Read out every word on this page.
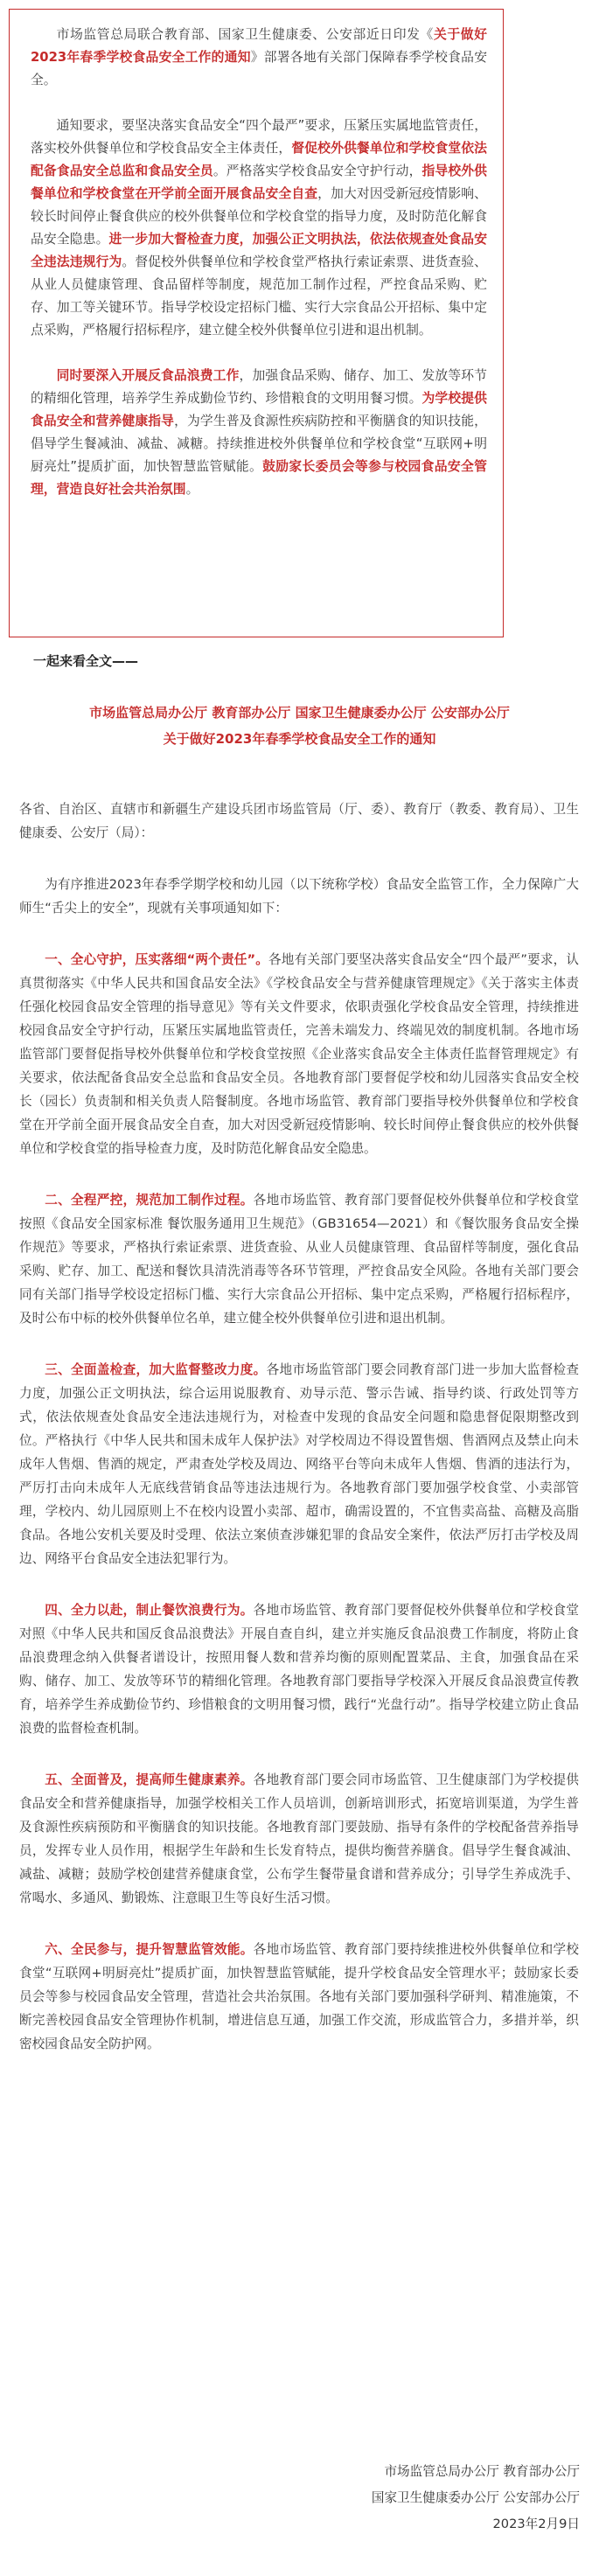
市场监管总局联合教育部、国家卫生健康委、公安部近日印发《关于做好2023年春季学校食品安全工作的通知》部署各地有关部门保障春季学校食品安全。

通知要求，要坚决落实食品安全“四个最严”要求，压紧压实属地监管责任，落实校外供餐单位和学校食品安全主体责任，督促校外供餐单位和学校食堂依法配备食品安全总监和食品安全员。严格落实学校食品安全守护行动，指导校外供餐单位和学校食堂在开学前全面开展食品安全自查，加大对因受新冠疫情影响、较长时间停止餐食供应的校外供餐单位和学校食堂的指导力度，及时防范化解食品安全隐患。进一步加大督检查力度，加强公正文明执法，依法依规查处食品安全违法违规行为。督促校外供餐单位和学校食堂严格执行索证索票、进货查验、从业人员健康管理、食品留样等制度，规范加工制作过程，严控食品采购、贮存、加工等关键环节。指导学校设定招标门槛、实行大宗食品公开招标、集中定点采购，严格履行招标程序，建立健全校外供餐单位引进和退出机制。

同时要深入开展反食品浪费工作，加强食品采购、储存、加工、发放等环节的精细化管理，培养学生养成勤俭节约、珍惜粮食的文明用餐习惯。为学校提供食品安全和营养健康指导，为学生普及食源性疾病防控和平衡膳食的知识技能，倡导学生餐减油、减盐、减糖。持续推进校外供餐单位和学校食堂“互联网+明厨亮灶”提质扩面，加快智慧监管赋能。鼓励家长委员会等参与校园食品安全管理，营造良好社会共治氛围。

一起来看全文——
市场监管总局办公厅 教育部办公厅 国家卫生健康委办公厅 公安部办公厅
关于做好2023年春季学校食品安全工作的通知

各省、自治区、直辖市和新疆生产建设兵团市场监管局（厅、委）、教育厅（教委、教育局）、卫生健康委、公安厅（局）：

为有序推进2023年春季学期学校和幼儿园（以下统称学校）食品安全监管工作，全力保障广大师生“舌尖上的安全”，现就有关事项通知如下：

一、全心守护，压实落细“两个责任”。各地有关部门要坚决落实食品安全“四个最严”要求，认真贯彻落实《中华人民共和国食品安全法》《学校食品安全与营养健康管理规定》《关于落实主体责任强化校园食品安全管理的指导意见》等有关文件要求，依职责强化学校食品安全管理，持续推进校园食品安全守护行动，压紧压实属地监管责任，完善未端发力、终端见效的制度机制。各地市场监管部门要督促指导校外供餐单位和学校食堂按照《企业落实食品安全主体责任监督管理规定》有关要求，依法配备食品安全总监和食品安全员。各地教育部门要督促学校和幼儿园落实食品安全校长（园长）负责制和相关负责人陪餐制度。各地市场监管、教育部门要指导校外供餐单位和学校食堂在开学前全面开展食品安全自查，加大对因受新冠疫情影响、较长时间停止餐食供应的校外供餐单位和学校食堂的指导检查力度，及时防范化解食品安全隐患。

二、全程严控，规范加工制作过程。各地市场监管、教育部门要督促校外供餐单位和学校食堂按照《食品安全国家标准 餐饮服务通用卫生规范》（GB31654—2021）和《餐饮服务食品安全操作规范》等要求，严格执行索证索票、进货查验、从业人员健康管理、食品留样等制度，强化食品采购、贮存、加工、配送和餐饮具清洗消毒等各环节管理，严控食品安全风险。各地有关部门要会同有关部门指导学校设定招标门槛、实行大宗食品公开招标、集中定点采购，严格履行招标程序，及时公布中标的校外供餐单位名单，建立健全校外供餐单位引进和退出机制。

三、全面盖检查，加大监督整改力度。各地市场监管部门要会同教育部门进一步加大监督检查力度，加强公正文明执法，综合运用说服教育、劝导示范、警示告诫、指导约谈、行政处罚等方式，依法依规查处食品安全违法违规行为，对检查中发现的食品安全问题和隐患督促限期整改到位。严格执行《中华人民共和国未成年人保护法》对学校周边不得设置售烟、售酒网点及禁止向未成年人售烟、售酒的规定，严肃查处学校及周边、网络平台等向未成年人售烟、售酒的违法行为，严厉打击向未成年人无底线营销食品等违法违规行为。各地教育部门要加强学校食堂、小卖部管理，学校内、幼儿园原则上不在校内设置小卖部、超市，确需设置的，不宜售卖高盐、高糖及高脂食品。各地公安机关要及时受理、依法立案侦查涉嫌犯罪的食品安全案件，依法严厉打击学校及周边、网络平台食品安全违法犯罪行为。

四、全力以赴，制止餐饮浪费行为。各地市场监管、教育部门要督促校外供餐单位和学校食堂对照《中华人民共和国反食品浪费法》开展自查自纠，建立并实施反食品浪费工作制度，将防止食品浪费理念纳入供餐者谱设计，按照用餐人数和营养均衡的原则配置菜品、主食，加强食品在采购、储存、加工、发放等环节的精细化管理。各地教育部门要指导学校深入开展反食品浪费宣传教育，培养学生养成勤俭节约、珍惜粮食的文明用餐习惯，践行“光盘行动”。指导学校建立防止食品浪费的监督检查机制。

五、全面普及，提高师生健康素养。各地教育部门要会同市场监管、卫生健康部门为学校提供食品安全和营养健康指导，加强学校相关工作人员培训，创新培训形式，拓宽培训渠道，为学生普及食源性疾病预防和平衡膳食的知识技能。各地教育部门要鼓励、指导有条件的学校配备营养指导员，发挥专业人员作用，根据学生年龄和生长发育特点，提供均衡营养膳食。倡导学生餐食减油、减盐、减糖；鼓励学校创建营养健康食堂，公布学生餐带量食谱和营养成分；引导学生养成洗手、常喝水、多通风、勤锻炼、注意眼卫生等良好生活习惯。

六、全民参与，提升智慧监管效能。各地市场监管、教育部门要持续推进校外供餐单位和学校食堂“互联网+明厨亮灶”提质扩面，加快智慧监管赋能，提升学校食品安全管理水平；鼓励家长委员会等参与校园食品安全管理，营造社会共治氛围。各地有关部门要加强科学研判、精准施策，不断完善校园食品安全管理协作机制，增进信息互通，加强工作交流，形成监管合力，多措并举，织密校园食品安全防护网。

市场监管总局办公厅 教育部办公厅
国家卫生健康委办公厅 公安部办公厅
2023年2月9日
